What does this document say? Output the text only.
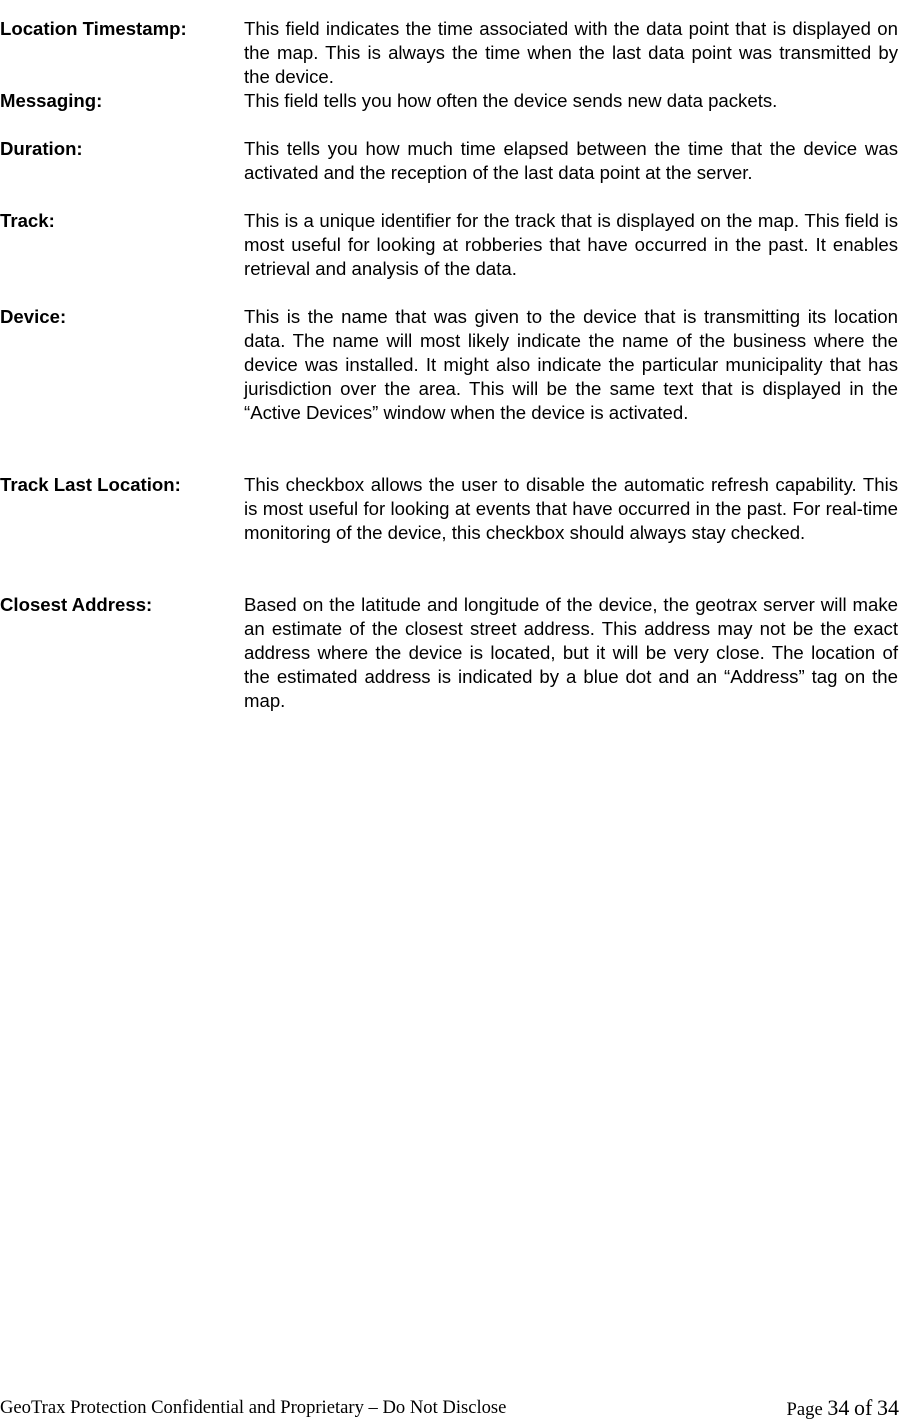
Location Timestamp:	This field indicates the time associated with the data point that is displayed on the map. This is always the time when the last data point was transmitted by the device.
Messaging:	This field tells you how often the device sends new data packets.
Duration:	This tells you how much time elapsed between the time that the device was activated and the reception of the last data point at the server.
Track:	This is a unique identifier for the track that is displayed on the map. This field is most useful for looking at robberies that have occurred in the past. It enables retrieval and analysis of the data.
Device:	This is the name that was given to the device that is transmitting its location data. The name will most likely indicate the name of the business where the device was installed. It might also indicate the particular municipality that has jurisdiction over the area. This will be the same text that is displayed in the “Active Devices” window when the device is activated.
Track Last Location:	This checkbox allows the user to disable the automatic refresh capability. This is most useful for looking at events that have occurred in the past. For real-time monitoring of the device, this checkbox should always stay checked.
Closest Address:	Based on the latitude and longitude of the device, the geotrax server will make an estimate of the closest street address. This address may not be the exact address where the device is located, but it will be very close. The location of the estimated address is indicated by a blue dot and an “Address” tag on the map.
GeoTrax Protection Confidential and Proprietary – Do Not Disclose	Page 34 of 34
